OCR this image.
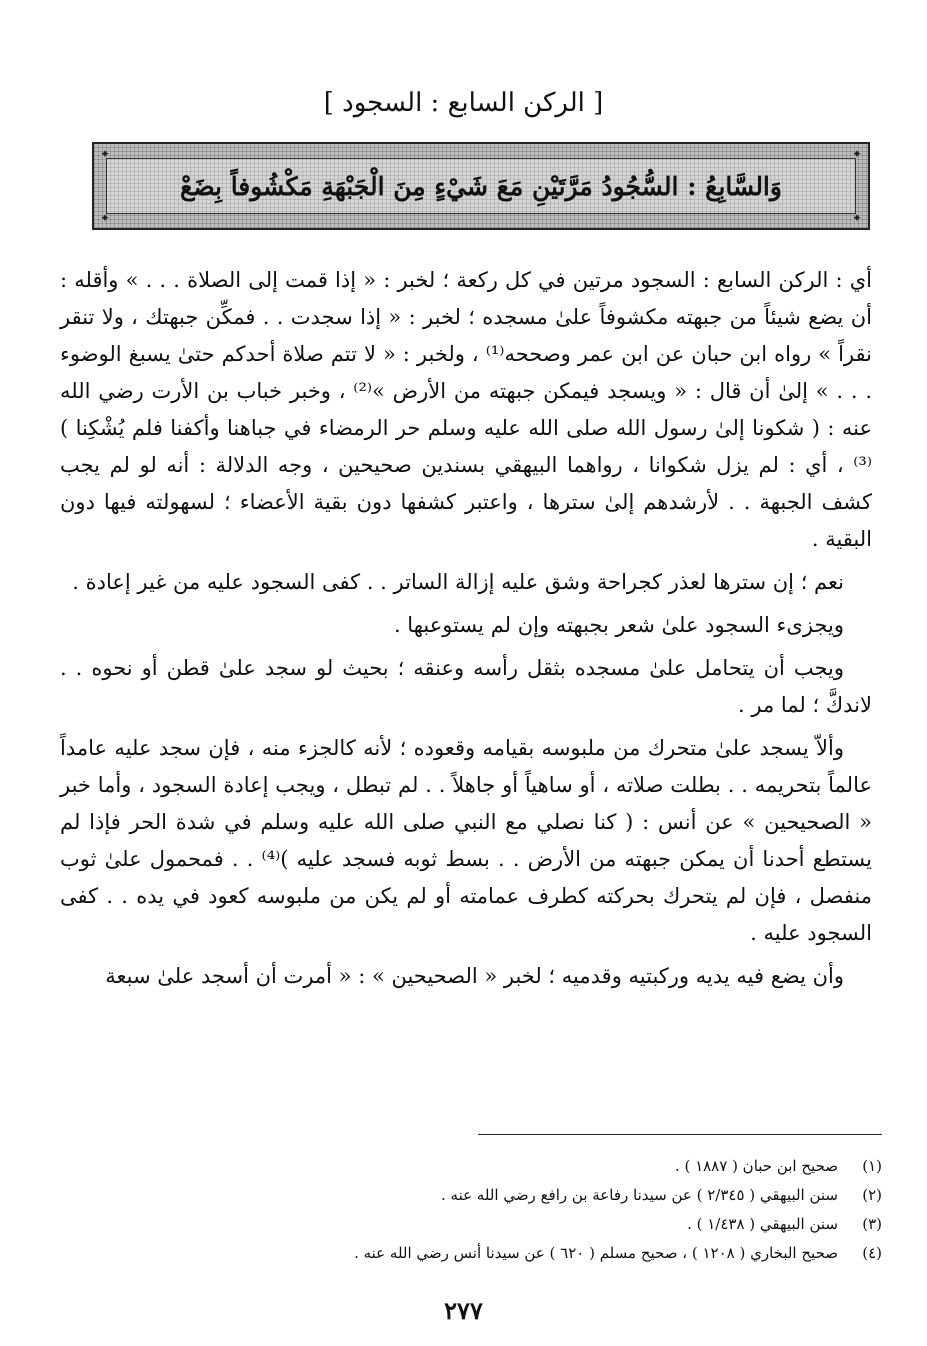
[ الركن السابع : السجود ]
✦	✦
✦	✦
وَالسَّابِعُ : السُّجُودُ مَرَّتَيْنِ مَعَ شَيْءٍ مِنَ الْجَبْهَةِ مَكْشُوفاً بِضَعْ

أي : الركن السابع : السجود مرتين في كل ركعة ؛ لخبر : « إذا قمت إلى الصلاة . . . » وأقله : أن يضع شيئاً من جبهته مكشوفاً علىٰ مسجده ؛ لخبر : « إذا سجدت . . فمكِّن جبهتك ، ولا تنقر نقراً » رواه ابن حبان عن ابن عمر وصححه⁽¹⁾ ، ولخبر : « لا تتم صلاة أحدكم حتىٰ يسبغ الوضوء . . . » إلىٰ أن قال : « ويسجد فيمكن جبهته من الأرض »⁽²⁾ ، وخبر خباب بن الأرت رضي الله عنه : ( شكونا إلىٰ رسول الله صلى الله عليه وسلم حر الرمضاء في جباهنا وأكفنا فلم يُشْكِنا )⁽³⁾ ، أي : لم يزل شكوانا ، رواهما البيهقي بسندين صحيحين ، وجه الدلالة : أنه لو لم يجب كشف الجبهة . . لأرشدهم إلىٰ سترها ، واعتبر كشفها دون بقية الأعضاء ؛ لسهولته فيها دون البقية .

نعم ؛ إن سترها لعذر كجراحة وشق عليه إزالة الساتر . . كفى السجود عليه من غير إعادة .

ويجزىء السجود علىٰ شعر بجبهته وإن لم يستوعبها .

ويجب أن يتحامل علىٰ مسجده بثقل رأسه وعنقه ؛ بحيث لو سجد علىٰ قطن أو نحوه . . لاندكَّ ؛ لما مر .

وألاّ يسجد علىٰ متحرك من ملبوسه بقيامه وقعوده ؛ لأنه كالجزء منه ، فإن سجد عليه عامداً عالماً بتحريمه . . بطلت صلاته ، أو ساهياً أو جاهلاً . . لم تبطل ، ويجب إعادة السجود ، وأما خبر « الصحيحين » عن أنس : ( كنا نصلي مع النبي صلى الله عليه وسلم في شدة الحر فإذا لم يستطع أحدنا أن يمكن جبهته من الأرض . . بسط ثوبه فسجد عليه )⁽⁴⁾ . . فمحمول علىٰ ثوب منفصل ، فإن لم يتحرك بحركته كطرف عمامته أو لم يكن من ملبوسه كعود في يده . . كفى السجود عليه .

وأن يضع فيه يديه وركبتيه وقدميه ؛ لخبر « الصحيحين » : « أمرت أن أسجد علىٰ سبعة

(١)
صحيح ابن حبان ( ١٨٨٧ ) .
(٢)
سنن البيهقي ( ٢/٣٤٥ ) عن سيدنا رفاعة بن رافع رضي الله عنه .
(٣)
سنن البيهقي ( ١/٤٣٨ ) .
(٤)
صحيح البخاري ( ١٢٠٨ ) ، صحيح مسلم ( ٦٢٠ ) عن سيدنا أنس رضي الله عنه .
٢٧٧
